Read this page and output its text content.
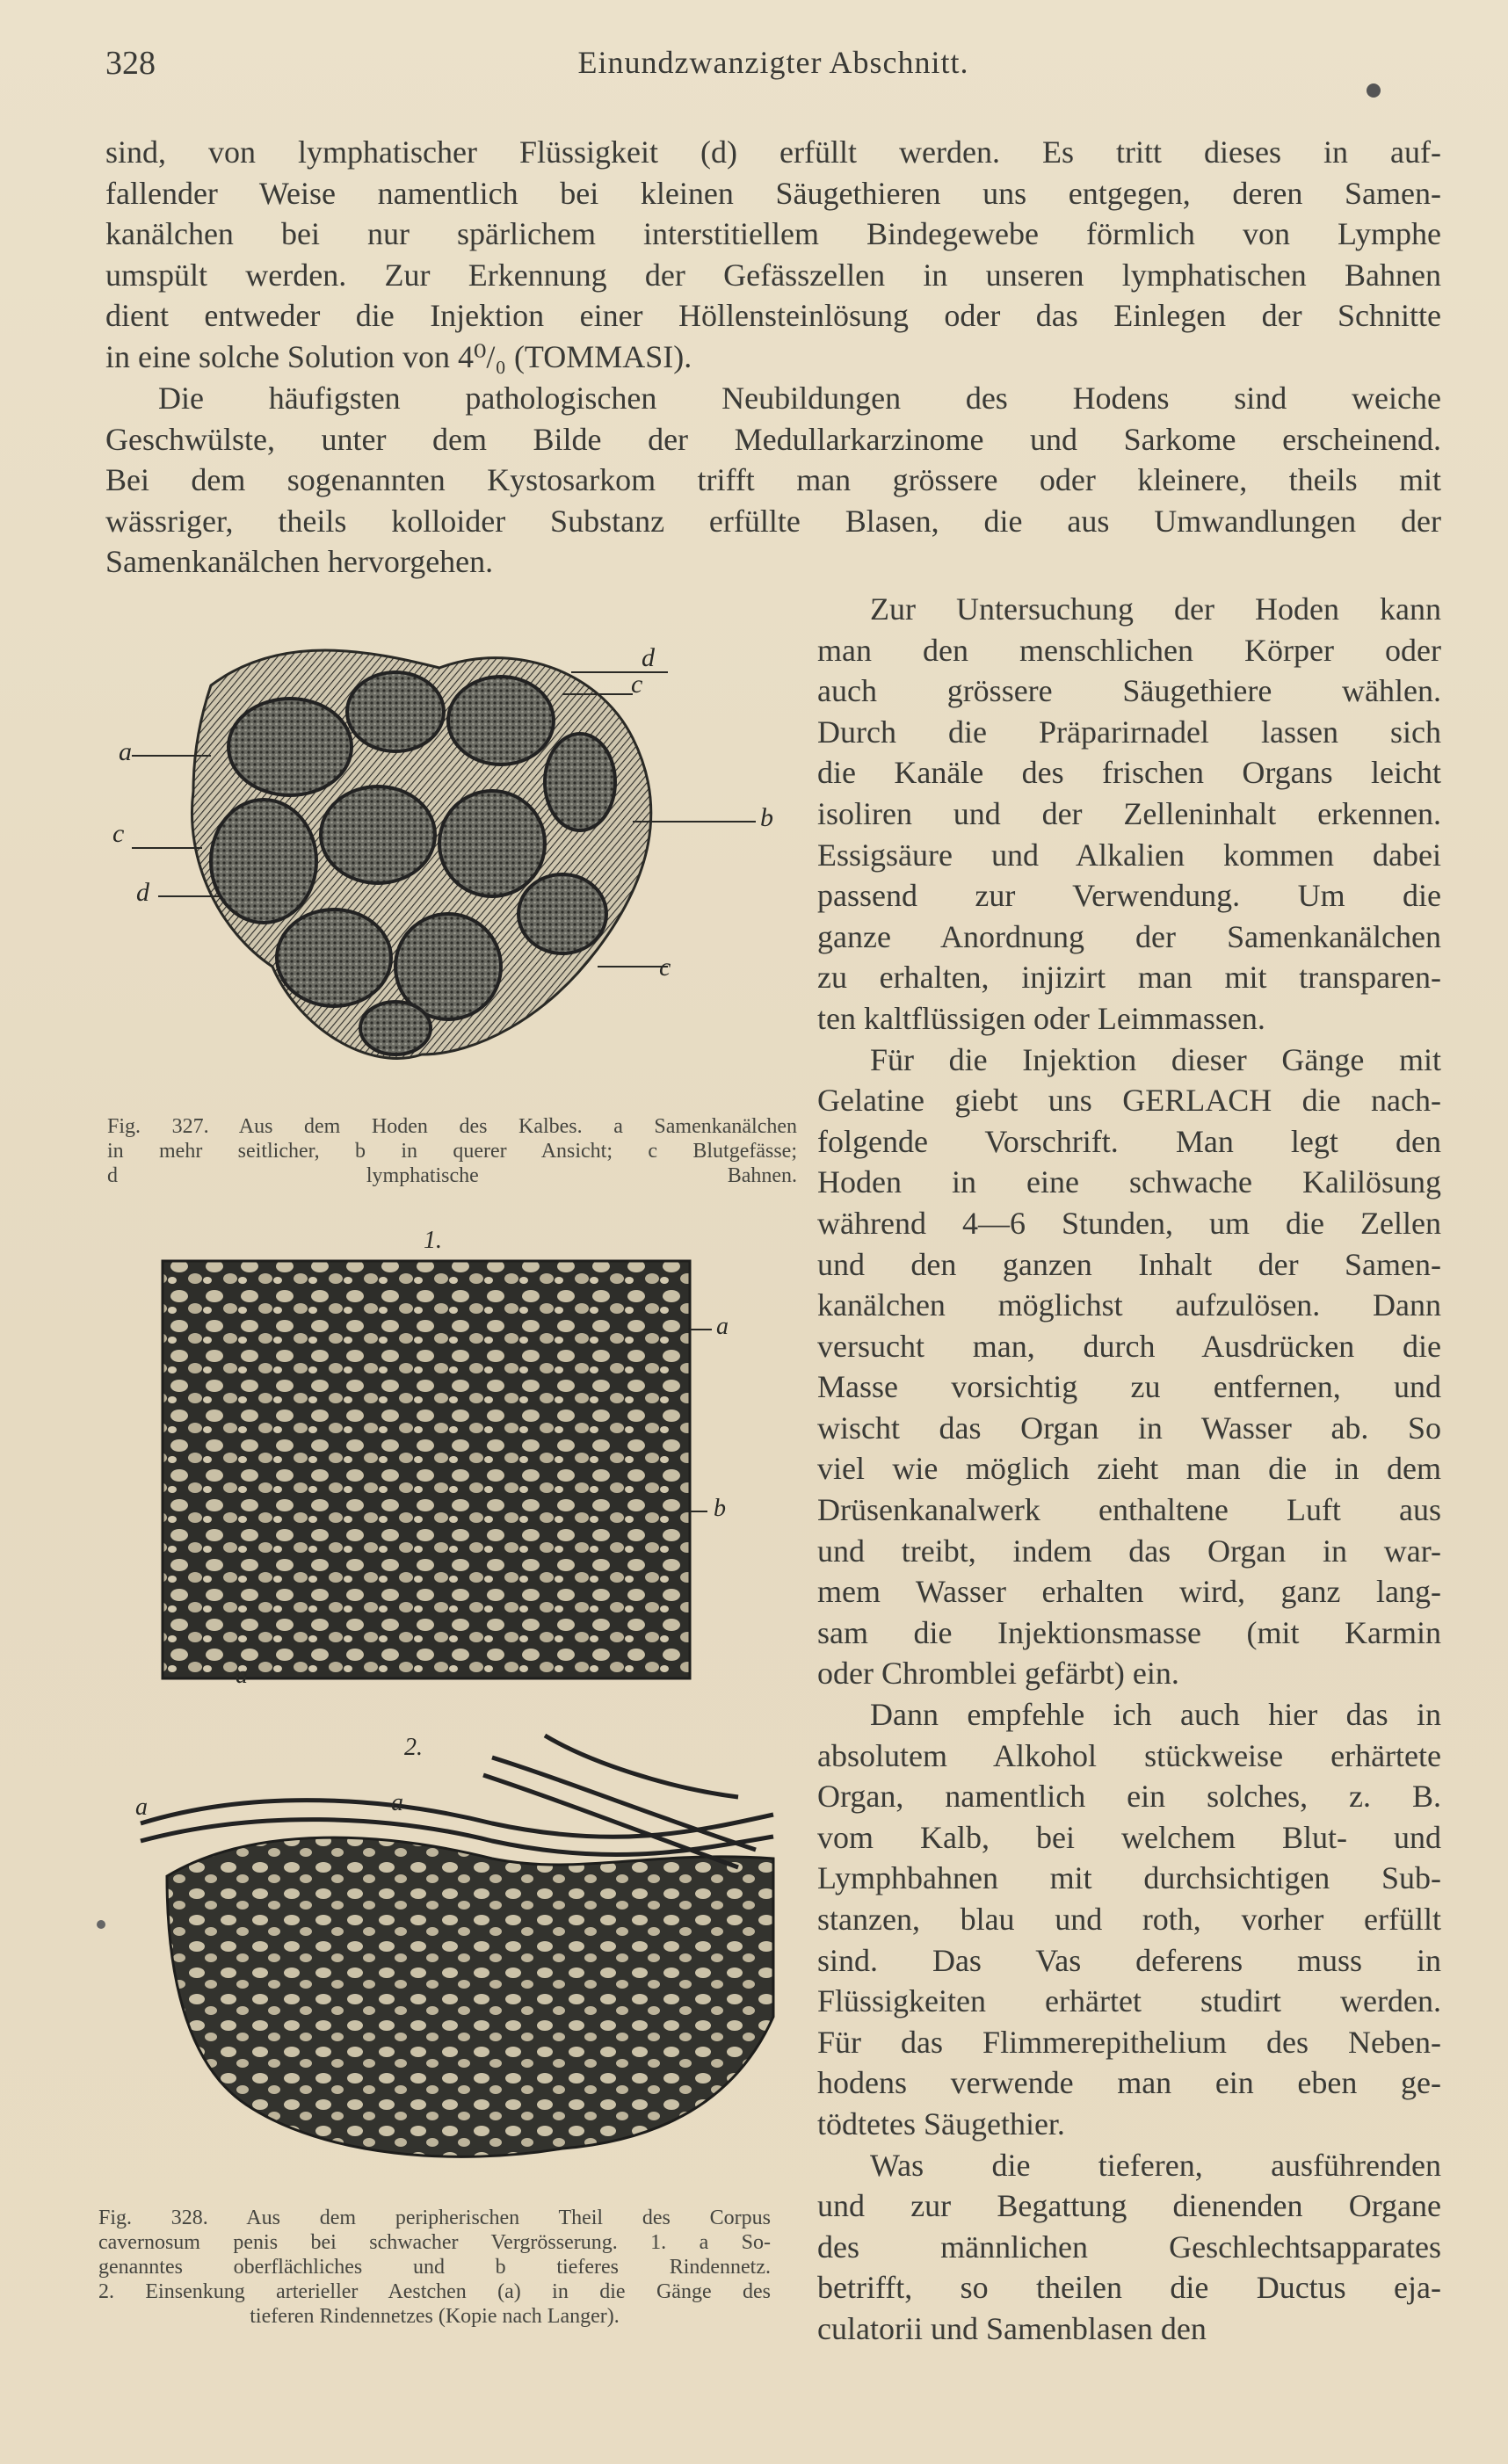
328	Einundzwanzigter Abschnitt.
sind, von lymphatischer Flüssigkeit (d) erfüllt werden. Es tritt dieses in auf-
fallender Weise namentlich bei kleinen Säugethieren uns entgegen, deren Samen-
kanälchen bei nur spärlichem interstitiellem Bindegewebe förmlich von Lymphe
umspült werden. Zur Erkennung der Gefässzellen in unseren lymphatischen Bahnen
dient entweder die Injektion einer Höllensteinlösung oder das Einlegen der Schnitte
in eine solche Solution von 4⁰/₀ (TOMMASI).
Die häufigsten pathologischen Neubildungen des Hodens sind weiche
Geschwülste, unter dem Bilde der Medullarkarzinome und Sarkome erscheinend.
Bei dem sogenannten Kystosarkom trifft man grössere oder kleinere, theils mit
wässriger, theils kolloider Substanz erfüllte Blasen, die aus Umwandlungen der
Samenkanälchen hervorgehen.
Zur Untersuchung der Hoden kann
man den menschlichen Körper oder
auch grössere Säugethiere wählen.
Durch die Präparirnadel lassen sich
die Kanäle des frischen Organs leicht
isoliren und der Zelleninhalt erkennen.
Essigsäure und Alkalien kommen dabei
passend zur Verwendung. Um die
ganze Anordnung der Samenkanälchen
zu erhalten, injizirt man mit transparen-
ten kaltflüssigen oder Leimmassen.
Für die Injektion dieser Gänge mit
Gelatine giebt uns GERLACH die nach-
folgende Vorschrift. Man legt den
Hoden in eine schwache Kalilösung
während 4—6 Stunden, um die Zellen
und den ganzen Inhalt der Samen-
kanälchen möglichst aufzulösen. Dann
versucht man, durch Ausdrücken die
Masse vorsichtig zu entfernen, und
wischt das Organ in Wasser ab. So
viel wie möglich zieht man die in dem
Drüsenkanalwerk enthaltene Luft aus
und treibt, indem das Organ in war-
mem Wasser erhalten wird, ganz lang-
sam die Injektionsmasse (mit Karmin
oder Chromblei gefärbt) ein.
Dann empfehle ich auch hier das in
absolutem Alkohol stückweise erhärtete
Organ, namentlich ein solches, z. B.
vom Kalb, bei welchem Blut- und
Lymphbahnen mit durchsichtigen Sub-
stanzen, blau und roth, vorher erfüllt
sind. Das Vas deferens muss in
Flüssigkeiten erhärtet studirt werden.
Für das Flimmerepithelium des Neben-
hodens verwende man ein eben ge-
tödtetes Säugethier.
Was die tieferen, ausführenden
und zur Begattung dienenden Organe
des männlichen Geschlechtsapparates
betrifft, so theilen die Ductus eja-
culatorii und Samenblasen den
d
c
a
b
c
d
c
Fig. 327. Aus dem Hoden des Kalbes. a Samenkanälchen
in mehr seitlicher, b in querer Ansicht; c Blutgefässe;
d lymphatische Bahnen.
1.
a
b
a
2.
a	a
Fig. 328. Aus dem peripherischen Theil des Corpus
cavernosum penis bei schwacher Vergrösserung. 1. a So-
genanntes oberflächliches und b tieferes Rindennetz.
2. Einsenkung arterieller Aestchen (a) in die Gänge des
tieferen Rindennetzes (Kopie nach Langer).
